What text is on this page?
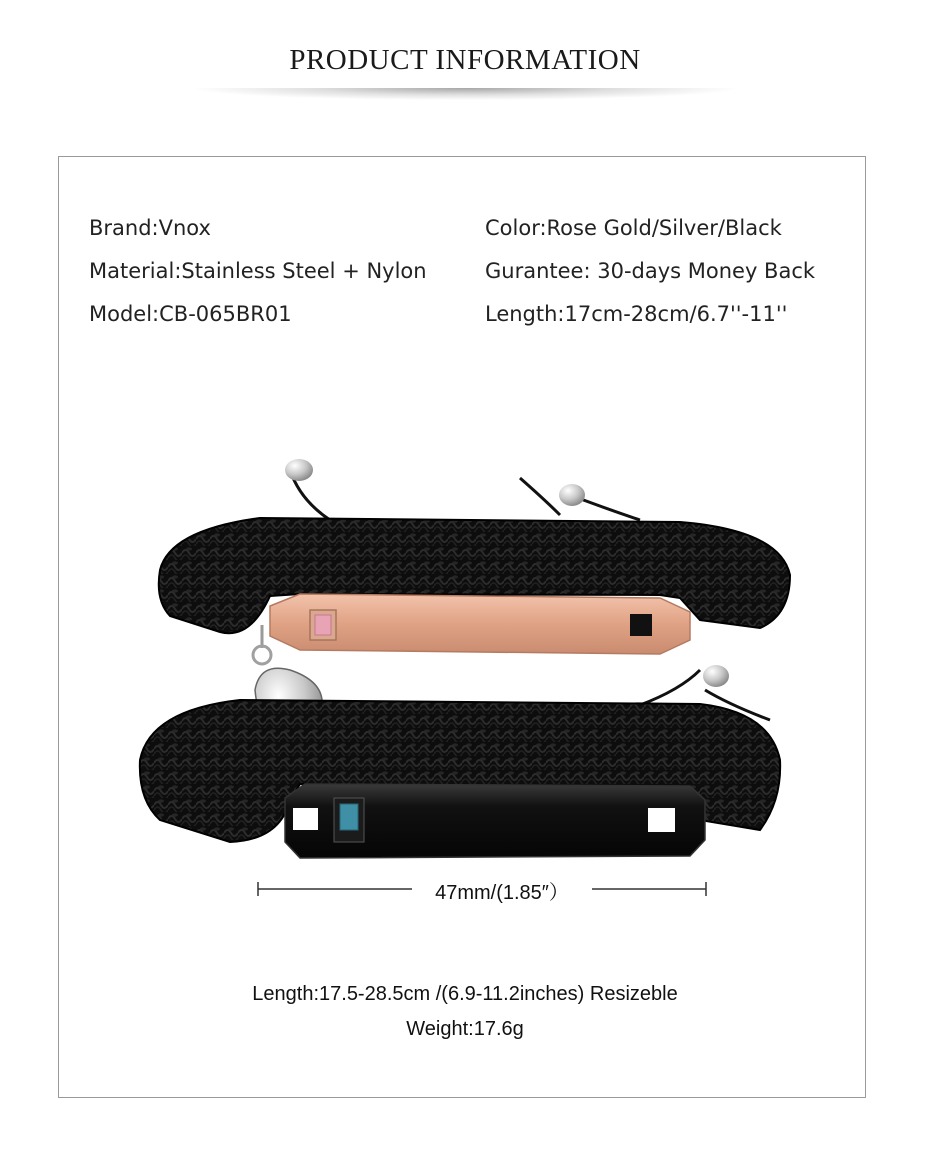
PRODUCT INFORMATION
Brand:Vnox
Material:Stainless Steel + Nylon
Model:CB-065BR01
Color:Rose Gold/Silver/Black
Gurantee: 30-days Money Back
Length:17cm-28cm/6.7''-11''
47mm/(1.85″）
Length:17.5-28.5cm /(6.9-11.2inches) Resizeble
Weight:17.6g
